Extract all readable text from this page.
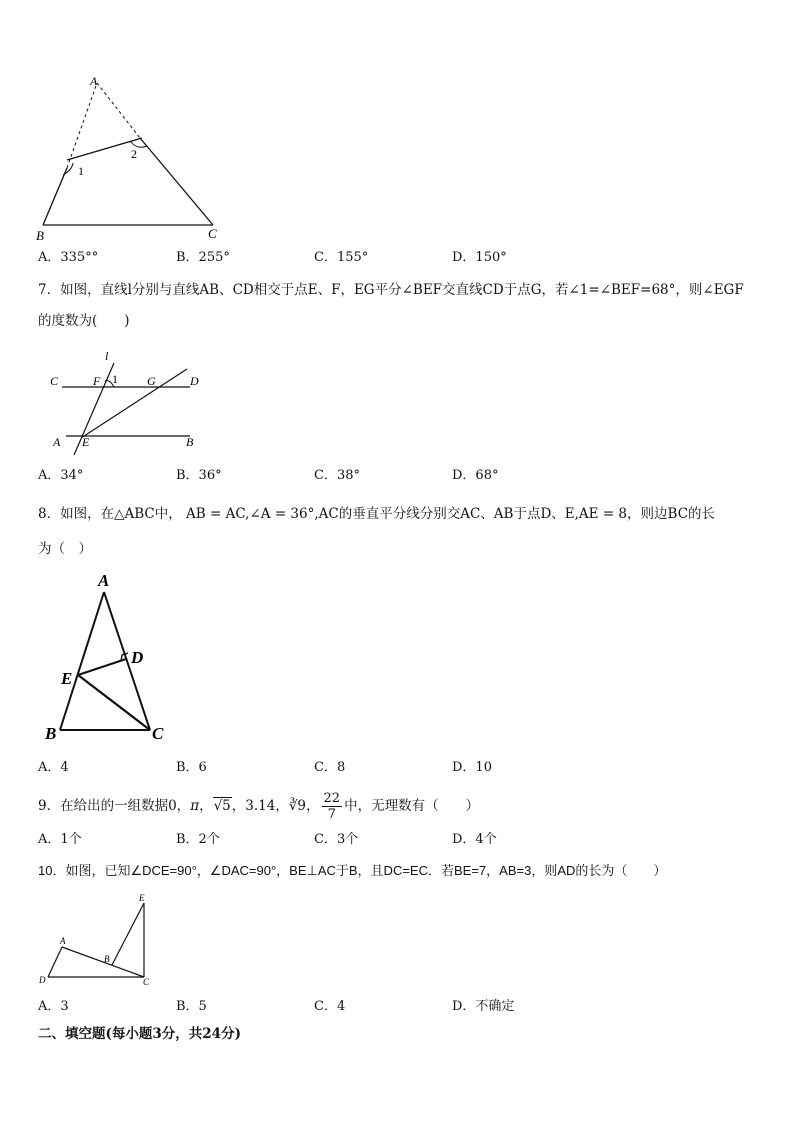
A
1
2
B	C
A．335°°	B．255°	C．155°	D．150°
7．如图，直线l分别与直线AB、CD相交于点E、F，EG平分∠BEF交直线CD于点G，若∠1=∠BEF=68°，则∠EGF
的度数为(　　)
l
C	F 1 G	D
A E	B
A．34°	B．36°	C．38°	D．68°
8．如图，在△ABC中， AB = AC,∠A = 36°,AC的垂直平分线分别交AC、AB于点D、E,AE = 8，则边BC的长
为（　）
A
D
E
B	C
A．4	B．6	C．8	D．10
9．在给出的一组数据0，π，√5，3.14，∛9， $\frac{22}{7}$ 中，无理数有（　　）
A．1个	B．2个	C．3个	D．4个
10．如图，已知∠DCE=90°，∠DAC=90°，BE⊥AC于B，且DC=EC．若BE=7，AB=3，则AD的长为（　　）
E
A
B
D	C
A．3	B．5	C．4	D．不确定
二、填空题(每小题3分，共24分)
